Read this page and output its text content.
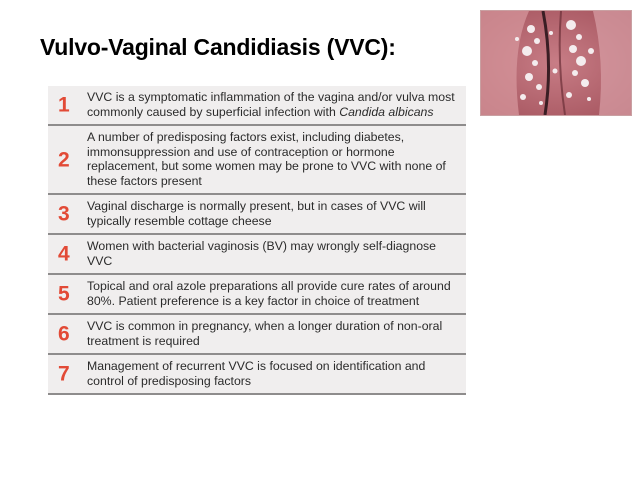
Vulvo-Vaginal Candidiasis (VVC):
1 VVC is a symptomatic inflammation of the vagina and/or vulva most commonly caused by superficial infection with Candida albicans
2
A number of predisposing factors exist, including diabetes, immonsuppression and use of contraception or hormone replacement, but some women may be prone to VVC with none of these factors present
3 Vaginal discharge is normally present, but in cases of VVC will typically resemble cottage cheese
4 Women with bacterial vaginosis (BV) may wrongly self-diagnose VVC
5 Topical and oral azole preparations all provide cure rates of around 80%. Patient preference is a key factor in choice of treatment
6 VVC is common in pregnancy, when a longer duration of non-oral treatment is required
7 Management of recurrent VVC is focused on identification and control of predisposing factors
